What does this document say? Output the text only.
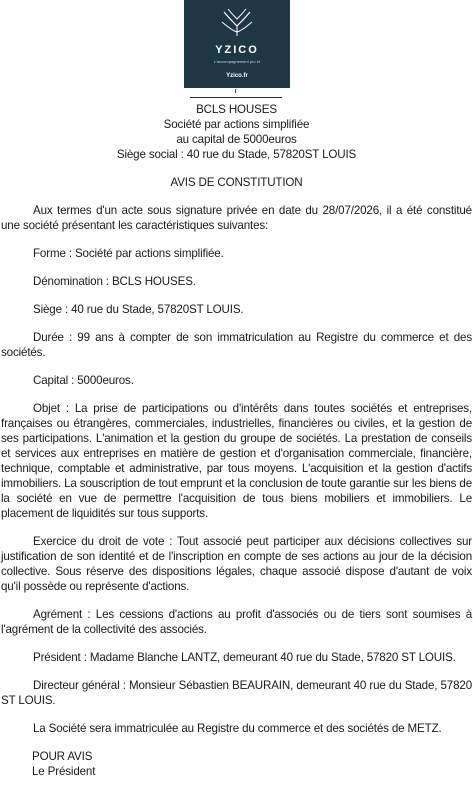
YZICO
L'accompagnement pro et
Yzico.fr
BCLS HOUSES
Société par actions simplifiée
au capital de 5000euros
Siège social : 40 rue du Stade, 57820ST LOUIS
AVIS DE CONSTITUTION

Aux termes d'un acte sous signature privée en date du 28/07/2026, il a été constitué une société présentant les caractéristiques suivantes:

Forme : Société par actions simplifiée.

Dénomination : BCLS HOUSES.

Siège : 40 rue du Stade, 57820ST LOUIS.

Durée : 99 ans à compter de son immatriculation au Registre du commerce et des sociétés.

Capital : 5000euros.

Objet : La prise de participations ou d'intérêts dans toutes sociétés et entreprises, françaises ou étrangères, commerciales, industrielles, financières ou civiles, et la gestion de ses participations. L'animation et la gestion du groupe de sociétés. La prestation de conseils et services aux entreprises en matière de gestion et d'organisation commerciale, financière, technique, comptable et administrative, par tous moyens. L'acquisition et la gestion d'actifs immobiliers. La souscription de tout emprunt et la conclusion de toute garantie sur les biens de la société en vue de permettre l'acquisition de tous biens mobiliers et immobiliers. Le placement de liquidités sur tous supports.

Exercice du droit de vote : Tout associé peut participer aux décisions collectives sur justification de son identité et de l'inscription en compte de ses actions au jour de la décision collective. Sous réserve des dispositions légales, chaque associé dispose d'autant de voix qu'il possède ou représente d'actions.

Agrément : Les cessions d'actions au profit d'associés ou de tiers sont soumises à l'agrément de la collectivité des associés.

Président : Madame Blanche LANTZ, demeurant 40 rue du Stade, 57820 ST LOUIS.

Directeur général : Monsieur Sébastien BEAURAIN, demeurant 40 rue du Stade, 57820 ST LOUIS.

La Société sera immatriculée au Registre du commerce et des sociétés de METZ.

POUR AVIS
Le Président
